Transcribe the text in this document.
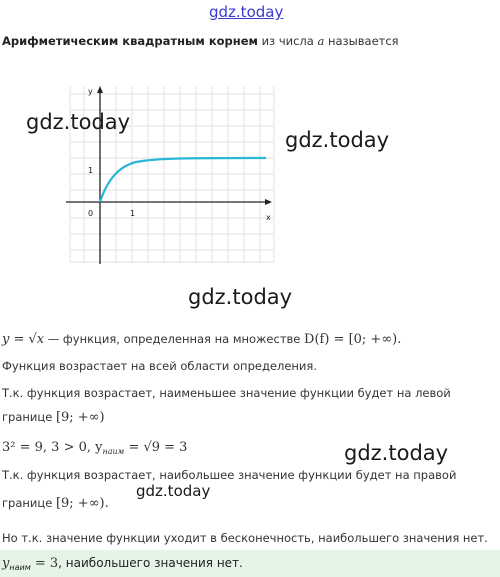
gdz.today
Арифметическим квадратным корнем из числа a называется
y
x
0	1
1
gdz.today
gdz.today
gdz.today
gdz.today
gdz.today
y = √x — функция, определенная на множестве D(f) = [0; +∞).
Функция возрастает на всей области определения.
Т.к. функция возрастает, наименьшее значение функции будет на левой
границе [9; +∞)
3² = 9, 3 > 0, $y_{наим} = √9 = 3$
Т.к. функция возрастает, наибольшее значение функции будет на правой
границе [9; +∞).
Но т.к. значение функции уходит в бесконечность, наибольшего значения нет.
$y_{наим} = 3$, наибольшего значения нет.
